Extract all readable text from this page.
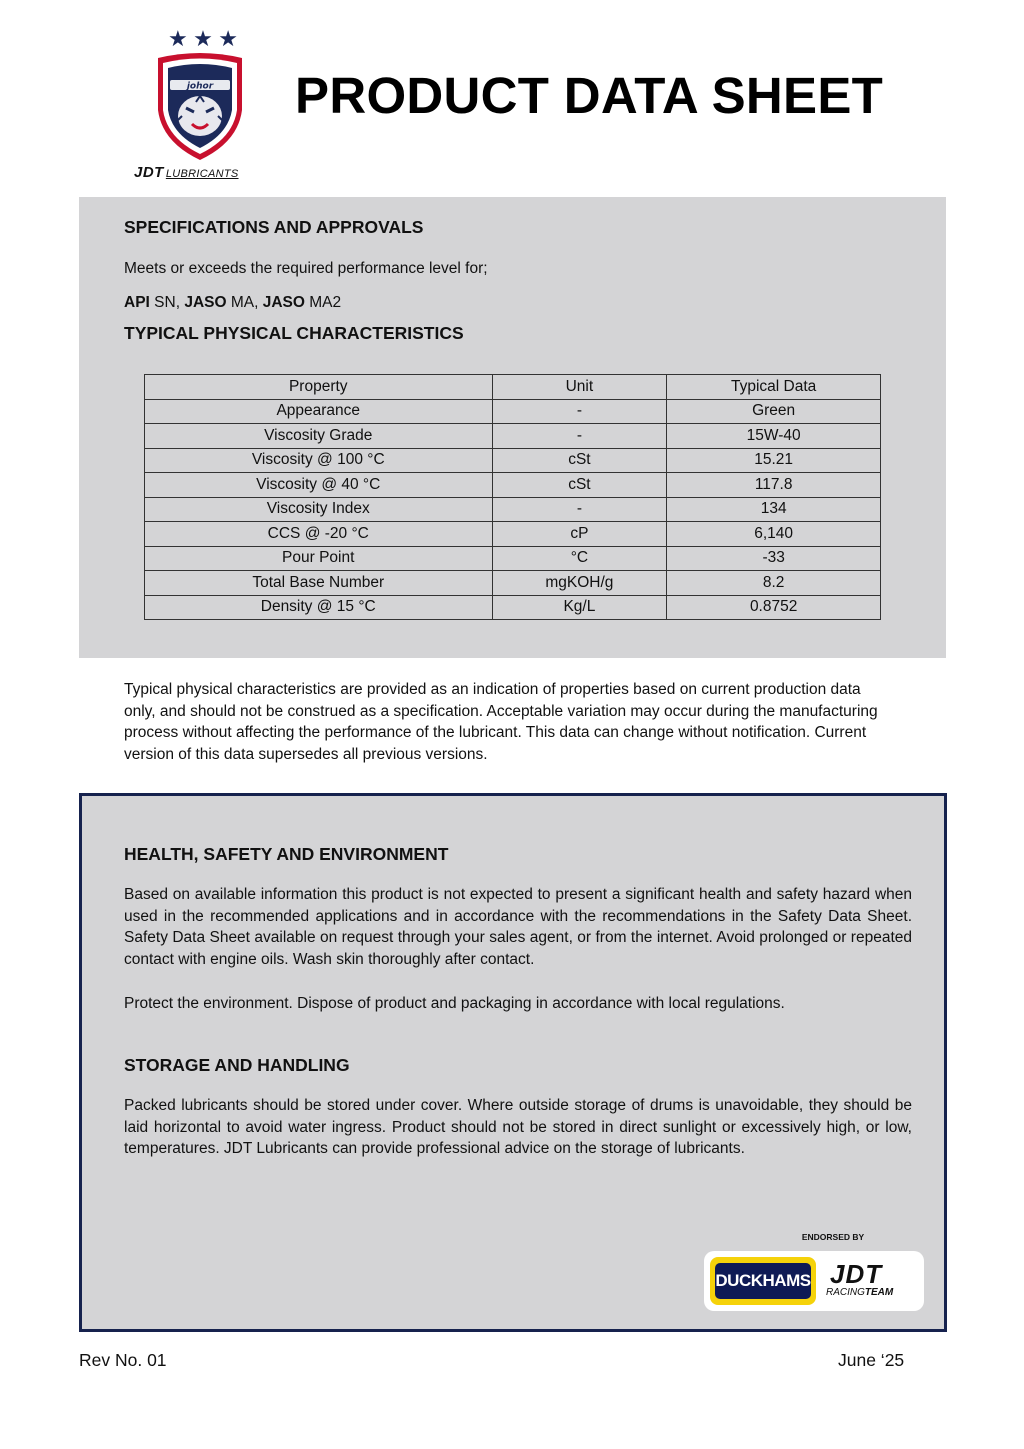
★ ★ ★
johor
JDT LUBRICANTS
PRODUCT DATA SHEET
SPECIFICATIONS AND APPROVALS
Meets or exceeds the required performance level for;
API SN, JASO MA, JASO MA2
TYPICAL PHYSICAL CHARACTERISTICS
Property	Unit	Typical Data
Appearance	-	Green
Viscosity Grade	-	15W-40
Viscosity @ 100 °C	cSt	15.21
Viscosity @ 40 °C	cSt	117.8
Viscosity Index	-	134
CCS @ -20 °C	cP	6,140
Pour Point	°C	-33
Total Base Number	mgKOH/g	8.2
Density @ 15 °C	Kg/L	0.8752
Typical physical characteristics are provided as an indication of properties based on current production data only, and should not be construed as a specification. Acceptable variation may occur during the manufacturing process without affecting the performance of the lubricant. This data can change without notification. Current version of this data supersedes all previous versions.
HEALTH, SAFETY AND ENVIRONMENT
Based on available information this product is not expected to present a significant health and safety hazard when used in the recommended applications and in accordance with the recommendations in the Safety Data Sheet. Safety Data Sheet available on request through your sales agent, or from the internet. Avoid prolonged or repeated contact with engine oils. Wash skin thoroughly after contact.
Protect the environment. Dispose of product and packaging in accordance with local regulations.
STORAGE AND HANDLING
Packed lubricants should be stored under cover. Where outside storage of drums is unavoidable, they should be laid horizontal to avoid water ingress. Product should not be stored in direct sunlight or excessively high, or low, temperatures. JDT Lubricants can provide professional advice on the storage of lubricants.
ENDORSED BY
DUCKHAMS JDT
RACINGTEAM
Rev No. 01	June ‘25
